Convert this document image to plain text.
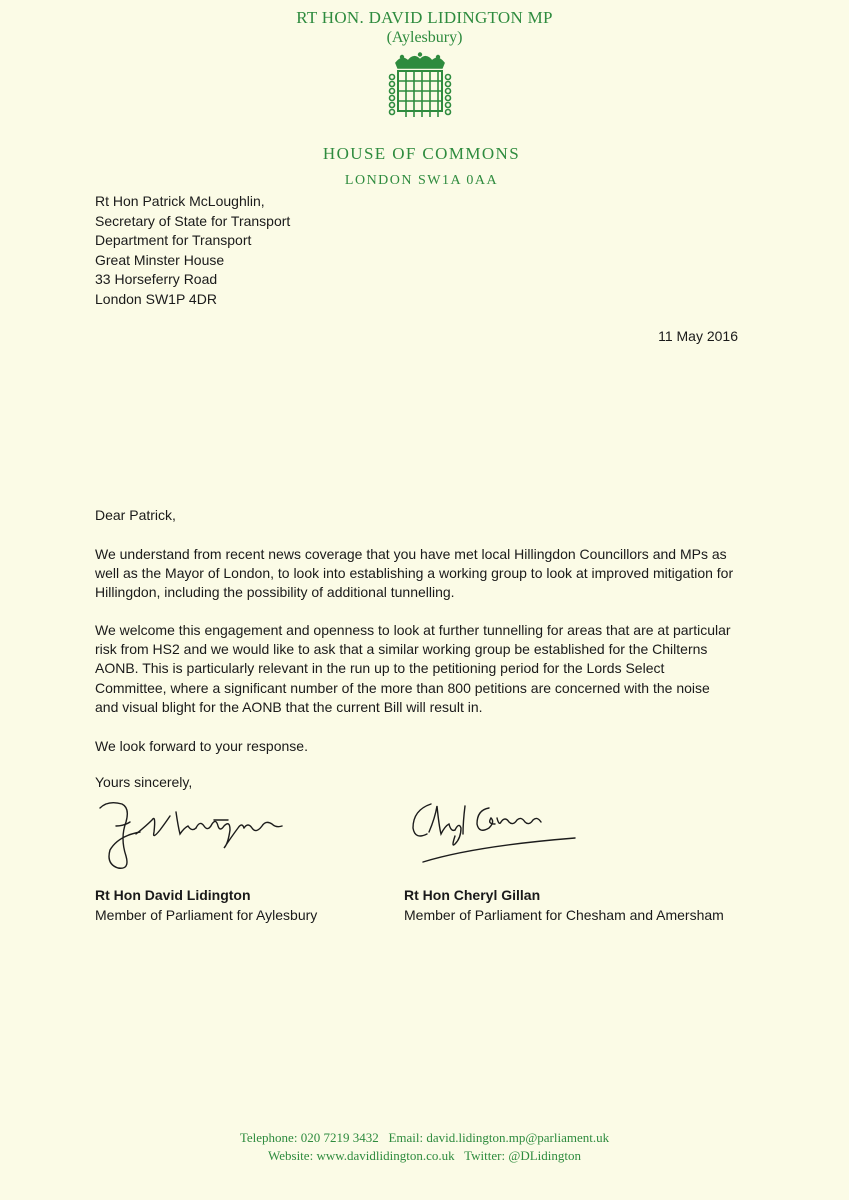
RT HON. DAVID LIDINGTON MP
(Aylesbury)
HOUSE OF COMMONS
LONDON SW1A 0AA
Rt Hon Patrick McLoughlin,
Secretary of State for Transport
Department for Transport
Great Minster House
33 Horseferry Road
London SW1P 4DR
11 May 2016
Dear Patrick,
We understand from recent news coverage that you have met local Hillingdon Councillors and MPs as well as the Mayor of London, to look into establishing a working group to look at improved mitigation for Hillingdon, including the possibility of additional tunnelling.
We welcome this engagement and openness to look at further tunnelling for areas that are at particular risk from HS2 and we would like to ask that a similar working group be established for the Chilterns AONB. This is particularly relevant in the run up to the petitioning period for the Lords Select Committee, where a significant number of the more than 800 petitions are concerned with the noise and visual blight for the AONB that the current Bill will result in.
We look forward to your response.
Yours sincerely,
Rt Hon David Lidington
Member of Parliament for Aylesbury
Rt Hon Cheryl Gillan
Member of Parliament for Chesham and Amersham
Telephone: 020 7219 3432 Email: david.lidington.mp@parliament.uk
Website: www.davidlidington.co.uk Twitter: @DLidington
